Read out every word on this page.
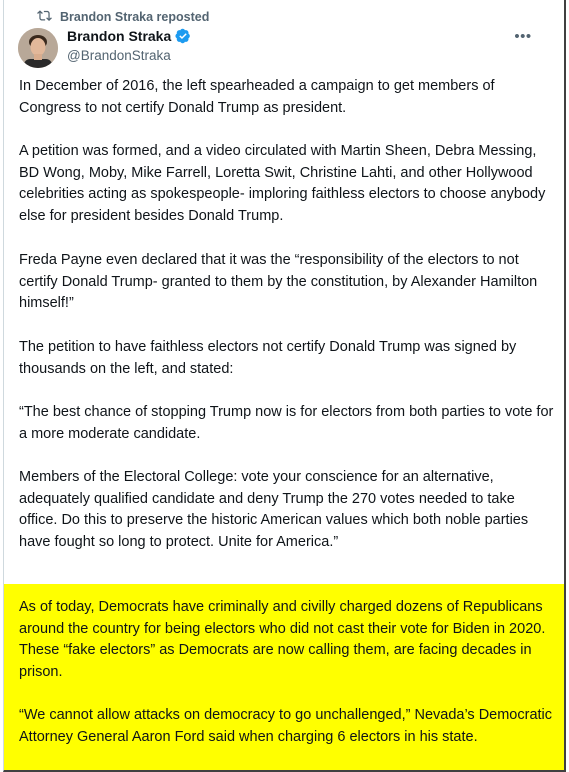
Brandon Straka reposted
Brandon Straka
@BrandonStraka
•••

In December of 2016, the left spearheaded a campaign to get members of Congress to not certify Donald Trump as president.

A petition was formed, and a video circulated with Martin Sheen, Debra Messing, BD Wong, Moby, Mike Farrell, Loretta Swit, Christine Lahti, and other Hollywood celebrities acting as spokespeople- imploring faithless electors to choose anybody else for president besides Donald Trump.

Freda Payne even declared that it was the “responsibility of the electors to not certify Donald Trump- granted to them by the constitution, by Alexander Hamilton himself!”

The petition to have faithless electors not certify Donald Trump was signed by thousands on the left, and stated:

“The best chance of stopping Trump now is for electors from both parties to vote for a more moderate candidate.

Members of the Electoral College: vote your conscience for an alternative, adequately qualified candidate and deny Trump the 270 votes needed to take office. Do this to preserve the historic American values which both noble parties have fought so long to protect. Unite for America.”

As of today, Democrats have criminally and civilly charged dozens of Republicans around the country for being electors who did not cast their vote for Biden in 2020. These “fake electors” as Democrats are now calling them, are facing decades in prison.

“We cannot allow attacks on democracy to go unchallenged,” Nevada’s Democratic Attorney General Aaron Ford said when charging 6 electors in his state.
